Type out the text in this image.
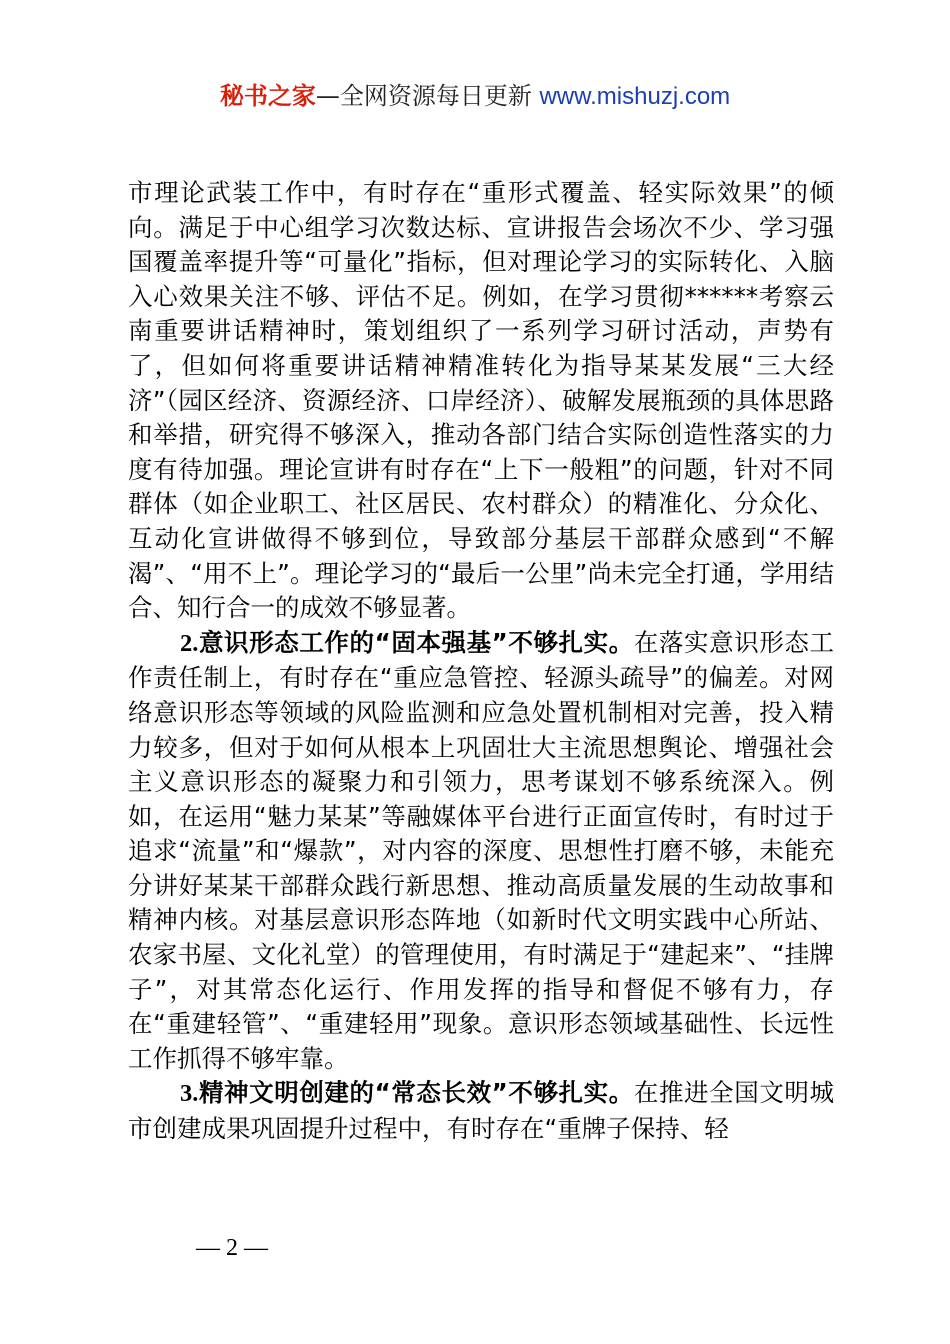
秘书之家—全网资源每日更新 www.mishuzj.com

市理论武装工作中，有时存在“重形式覆盖、轻实际效果”的倾向。满足于中心组学习次数达标、宣讲报告会场次不少、学习强国覆盖率提升等“可量化”指标，但对理论学习的实际转化、入脑入心效果关注不够、评估不足。例如，在学习贯彻******考察云南重要讲话精神时，策划组织了一系列学习研讨活动，声势有了，但如何将重要讲话精神精准转化为指导某某发展“三大经济”（园区经济、资源经济、口岸经济）、破解发展瓶颈的具体思路和举措，研究得不够深入，推动各部门结合实际创造性落实的力度有待加强。理论宣讲有时存在“上下一般粗”的问题，针对不同群体（如企业职工、社区居民、农村群众）的精准化、分众化、互动化宣讲做得不够到位，导致部分基层干部群众感到“不解渴”、“用不上”。理论学习的“最后一公里”尚未完全打通，学用结合、知行合一的成效不够显著。

2.意识形态工作的“固本强基”不够扎实。在落实意识形态工作责任制上，有时存在“重应急管控、轻源头疏导”的偏差。对网络意识形态等领域的风险监测和应急处置机制相对完善，投入精力较多，但对于如何从根本上巩固壮大主流思想舆论、增强社会主义意识形态的凝聚力和引领力，思考谋划不够系统深入。例如，在运用“魅力某某”等融媒体平台进行正面宣传时，有时过于追求“流量”和“爆款”，对内容的深度、思想性打磨不够，未能充分讲好某某干部群众践行新思想、推动高质量发展的生动故事和精神内核。对基层意识形态阵地（如新时代文明实践中心所站、农家书屋、文化礼堂）的管理使用，有时满足于“建起来”、“挂牌子”，对其常态化运行、作用发挥的指导和督促不够有力，存在“重建轻管”、“重建轻用”现象。意识形态领域基础性、长远性工作抓得不够牢靠。

3.精神文明创建的“常态长效”不够扎实。在推进全国文明城市创建成果巩固提升过程中，有时存在“重牌子保持、轻

— 2 —
